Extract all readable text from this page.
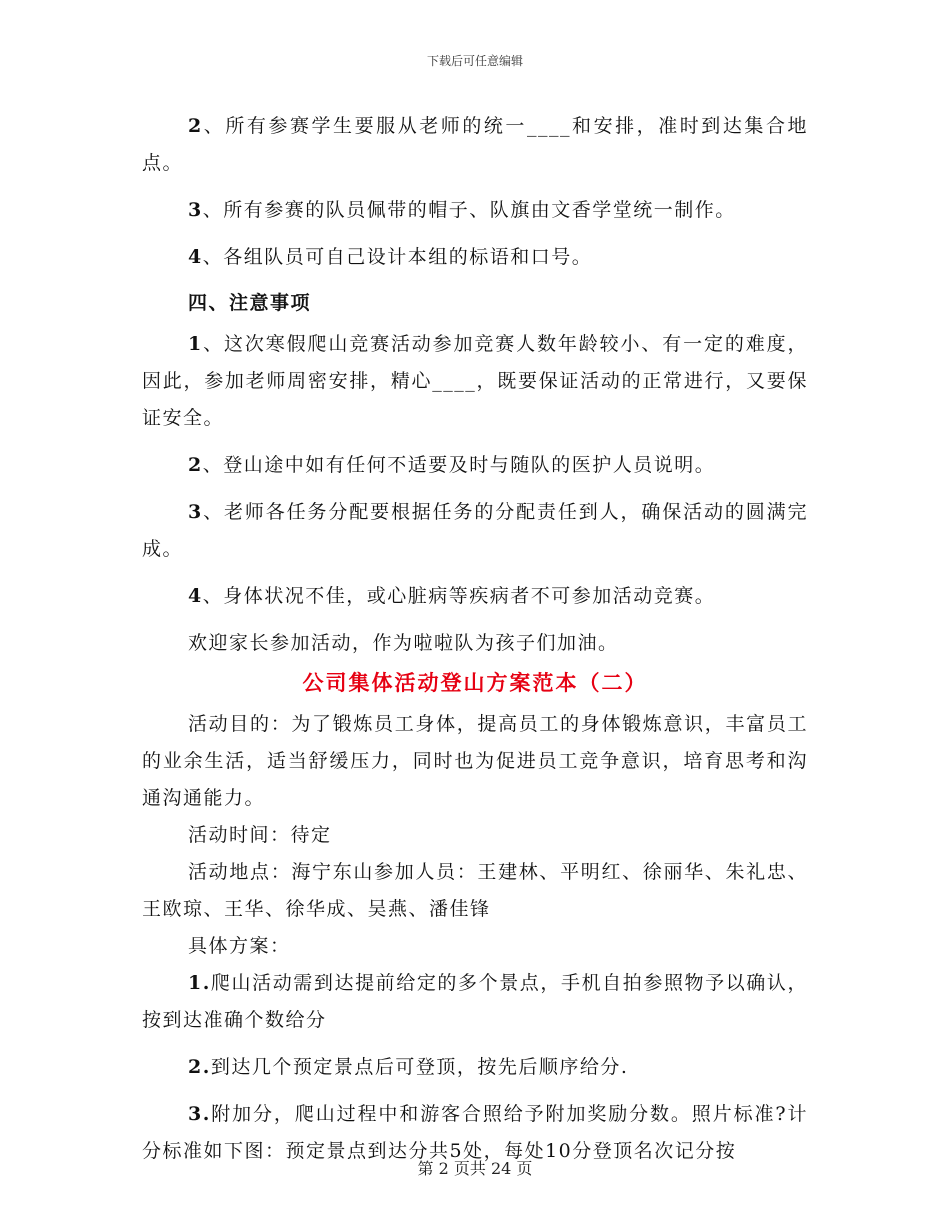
下载后可任意编辑

2、所有参赛学生要服从老师的统一____和安排，准时到达集合地点。

3、所有参赛的队员佩带的帽子、队旗由文香学堂统一制作。

4、各组队员可自己设计本组的标语和口号。

四、注意事项

1、这次寒假爬山竞赛活动参加竞赛人数年龄较小、有一定的难度，因此，参加老师周密安排，精心____，既要保证活动的正常进行，又要保证安全。

2、登山途中如有任何不适要及时与随队的医护人员说明。

3、老师各任务分配要根据任务的分配责任到人，确保活动的圆满完成。

4、身体状况不佳，或心脏病等疾病者不可参加活动竞赛。

欢迎家长参加活动，作为啦啦队为孩子们加油。

公司集体活动登山方案范本（二）

活动目的：为了锻炼员工身体，提高员工的身体锻炼意识，丰富员工的业余生活，适当舒缓压力，同时也为促进员工竞争意识，培育思考和沟通沟通能力。

活动时间：待定

活动地点：海宁东山参加人员：王建林、平明红、徐丽华、朱礼忠、王欧琼、王华、徐华成、吴燕、潘佳锋

具体方案：

1.爬山活动需到达提前给定的多个景点，手机自拍参照物予以确认，按到达准确个数给分

2.到达几个预定景点后可登顶，按先后顺序给分.

3.附加分，爬山过程中和游客合照给予附加奖励分数。照片标准?计分标准如下图：预定景点到达分共5处，每处10分登顶名次记分按

第 2 页共 24 页
